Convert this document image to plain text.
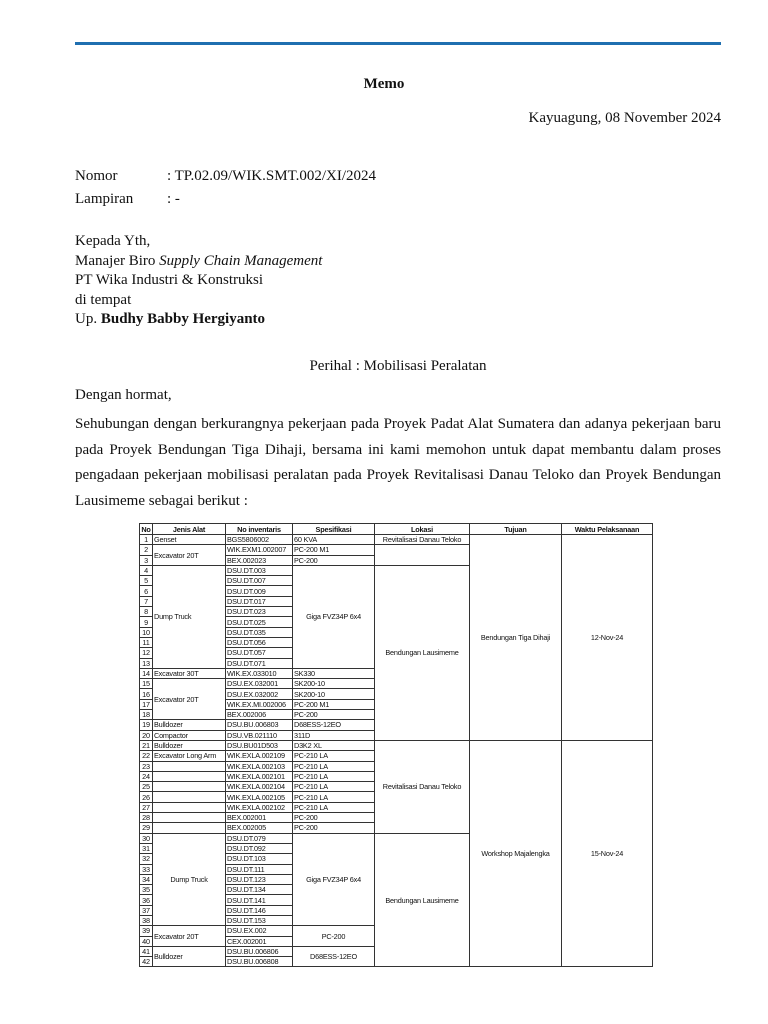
Memo
Kayuagung, 08 November 2024
Nomor	: TP.02.09/WIK.SMT.002/XI/2024
Lampiran : -
Kepada Yth,
Manajer Biro Supply Chain Management
PT Wika Industri & Konstruksi
di tempat
Up. Budhy Babby Hergiyanto
Perihal : Mobilisasi Peralatan
Dengan hormat,
Sehubungan dengan berkurangnya pekerjaan pada Proyek Padat Alat Sumatera dan adanya pekerjaan baru pada Proyek Bendungan Tiga Dihaji, bersama ini kami memohon untuk dapat membantu dalam proses pengadaan pekerjaan mobilisasi peralatan pada Proyek Revitalisasi Danau Teloko dan Proyek Bendungan Lausimeme sebagai berikut :
No	Jenis Alat	No inventaris	Spesifikasi	Lokasi	Tujuan	Waktu Pelaksanaan
1	Genset	BGS5806002	60 KVA	Revitalisasi Danau Teloko	Bendungan Tiga Dihaji	12-Nov-24
2	Excavator 20T	WIK.EXM1.002007	PC-200 M1			
3		BEX.002023	PC-200			
4	Dump Truck	DSU.DT.003	Giga FVZ34P 6x4	Bendungan Lausimeme		
5		DSU.DT.007				
6		DSU.DT.009				
7		DSU.DT.017				
8		DSU.DT.023				
9		DSU.DT.025				
10		DSU.DT.035				
11		DSU.DT.056				
12		DSU.DT.057				
13		DSU.DT.071				
14	Excavator 30T	WIK.EX.033010	SK330			
15	Excavator 20T	DSU.EX.032001	SK200-10			
16		DSU.EX.032002	SK200-10			
17		WIK.EX.MI.002006	PC-200 M1			
18		BEX.002006	PC-200			
19	Bulldozer	DSU.BU.006803	D68ESS-12EO			
20	Compactor	DSU.VB.021110	311D			
21	Bulldozer	DSU.BU01D503	D3K2 XL	Revitalisasi Danau Teloko	Workshop Majalengka	15-Nov-24
22	Excavator Long Arm	WIK.EXLA.002109	PC-210 LA			
23		WIK.EXLA.002103	PC-210 LA			
24		WIK.EXLA.002101	PC-210 LA			
25		WIK.EXLA.002104	PC-210 LA			
26		WIK.EXLA.002105	PC-210 LA			
27		WIK.EXLA.002102	PC-210 LA			
28		BEX.002001	PC-200			
29		BEX.002005	PC-200			
30	Dump Truck	DSU.DT.079	Giga FVZ34P 6x4	Bendungan Lausimeme		
31		DSU.DT.092				
32		DSU.DT.103				
33		DSU.DT.111				
34		DSU.DT.123				
35		DSU.DT.134				
36		DSU.DT.141				
37		DSU.DT.146				
38		DSU.DT.153				
39	Excavator 20T	DSU.EX.002	PC-200			
40		CEX.002001				
41	Bulldozer	DSU.BU.006806	D68ESS-12EO			
42		DSU.BU.006808				
